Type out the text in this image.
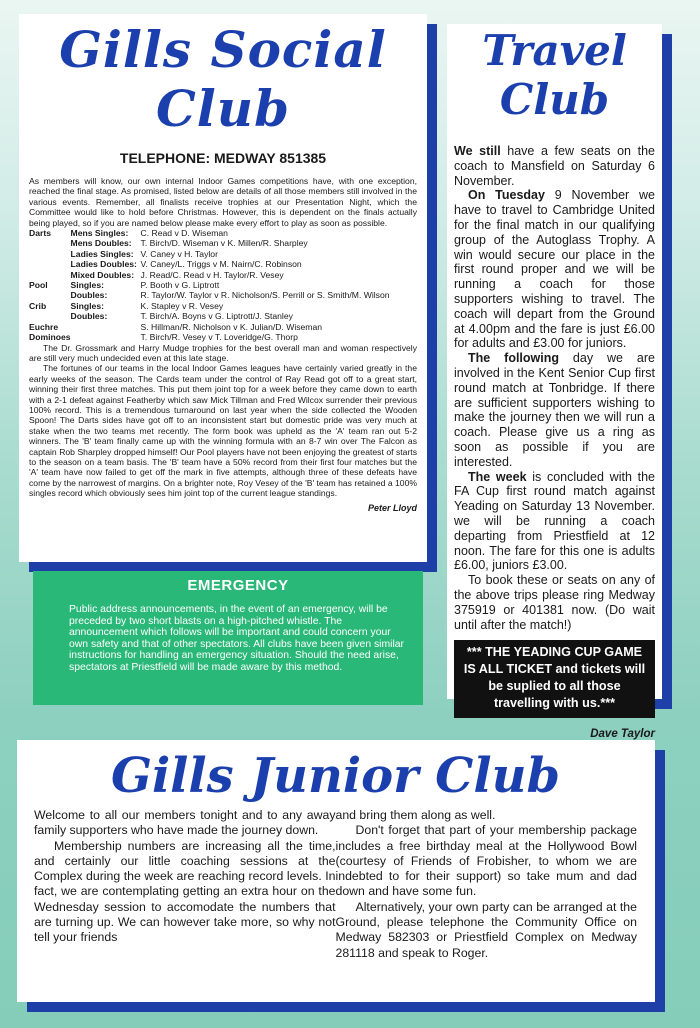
Gills Social Club
TELEPHONE: MEDWAY 851385

As members will know, our own internal Indoor Games competitions have, with one exception, reached the final stage. As promised, listed below are details of all those members still involved in the various events. Remember, all finalists receive trophies at our Presentation Night, which the Committee would like to hold before Christmas. However, this is dependent on the finals actually being played, so if you are named below please make every effort to play as soon as possible.

Darts	Mens Singles:	C. Read v D. Wiseman
	Mens Doubles:	T. Birch/D. Wiseman v K. Millen/R. Sharpley
	Ladies Singles:	V. Caney v H. Taylor
	Ladies Doubles:	V. Caney/L. Triggs v M. Nairn/C. Robinson
	Mixed Doubles:	J. Read/C. Read v H. Taylor/R. Vesey
Pool	Singles:	P. Booth v G. Liptrott
	Doubles:	R. Taylor/W. Taylor v R. Nicholson/S. Perrill or S. Smith/M. Wilson
Crib	Singles:	K. Stapley v R. Vesey
	Doubles:	T. Birch/A. Boyns v G. Liptrott/J. Stanley
Euchre		S. Hillman/R. Nicholson v K. Julian/D. Wiseman
Dominoes		T. Birch/R. Vesey v T. Loveridge/G. Thorp

The Dr. Grossmark and Harry Mudge trophies for the best overall man and woman respectively are still very much undecided even at this late stage.

The fortunes of our teams in the local Indoor Games leagues have certainly varied greatly in the early weeks of the season. The Cards team under the control of Ray Read got off to a great start, winning their first three matches. This put them joint top for a week before they came down to earth with a 2-1 defeat against Featherby which saw Mick Tillman and Fred Wilcox surrender their previous 100% record. This is a tremendous turnaround on last year when the side collected the Wooden Spoon! The Darts sides have got off to an inconsistent start but domestic pride was very much at stake when the two teams met recently. The form book was upheld as the 'A' team ran out 5-2 winners. The 'B' team finally came up with the winning formula with an 8-7 win over The Falcon as captain Rob Sharpley dropped himself! Our Pool players have not been enjoying the greatest of starts to the season on a team basis. The 'B' team have a 50% record from their first four matches but the 'A' team have now failed to get off the mark in five attempts, although three of these defeats have come by the narrowest of margins. On a brighter note, Roy Vesey of the 'B' team has retained a 100% singles record which obviously sees him joint top of the current league standings.

Peter Lloyd
EMERGENCY

Public address announcements, in the event of an emergency, will be preceded by two short blasts on a high-pitched whistle. The announcement which follows will be important and could concern your own safety and that of other spectators. All clubs have been given similar instructions for handling an emergency situation. Should the need arise, spectators at Priestfield will be made aware by this method.

Travel Club

We still have a few seats on the coach to Mansfield on Saturday 6 November.

On Tuesday 9 November we have to travel to Cambridge United for the final match in our qualifying group of the Autoglass Trophy. A win would secure our place in the first round proper and we will be running a coach for those supporters wishing to travel. The coach will depart from the Ground at 4.00pm and the fare is just £6.00 for adults and £3.00 for juniors.

The following day we are involved in the Kent Senior Cup first round match at Tonbridge. If there are sufficient supporters wishing to make the journey then we will run a coach. Please give us a ring as soon as possible if you are interested.

The week is concluded with the FA Cup first round match against Yeading on Saturday 13 November. we will be running a coach departing from Priestfield at 12 noon. The fare for this one is adults £6.00, juniors £3.00.

To book these or seats on any of the above trips please ring Medway 375919 or 401381 now. (Do wait until after the match!)

*** THE YEADING CUP GAME IS ALL TICKET and tickets will be suplied to all those travelling with us.***
Dave Taylor
Gills Junior Club

Welcome to all our members tonight and to any away family supporters who have made the journey down.

Membership numbers are increasing all the time, and certainly our little coaching sessions at the Complex during the week are reaching record levels. In fact, we are contemplating getting an extra hour on the Wednesday session to accomodate the numbers that are turning up. We can however take more, so why not tell your friends

and bring them along as well.

Don't forget that part of your membership package includes a free birthday meal at the Hollywood Bowl (courtesy of Friends of Frobisher, to whom we are indebted to for their support) so take mum and dad down and have some fun.

Alternatively, your own party can be arranged at the Ground, please telephone the Community Office on Medway 582303 or Priestfield Complex on Medway 281118 and speak to Roger.
